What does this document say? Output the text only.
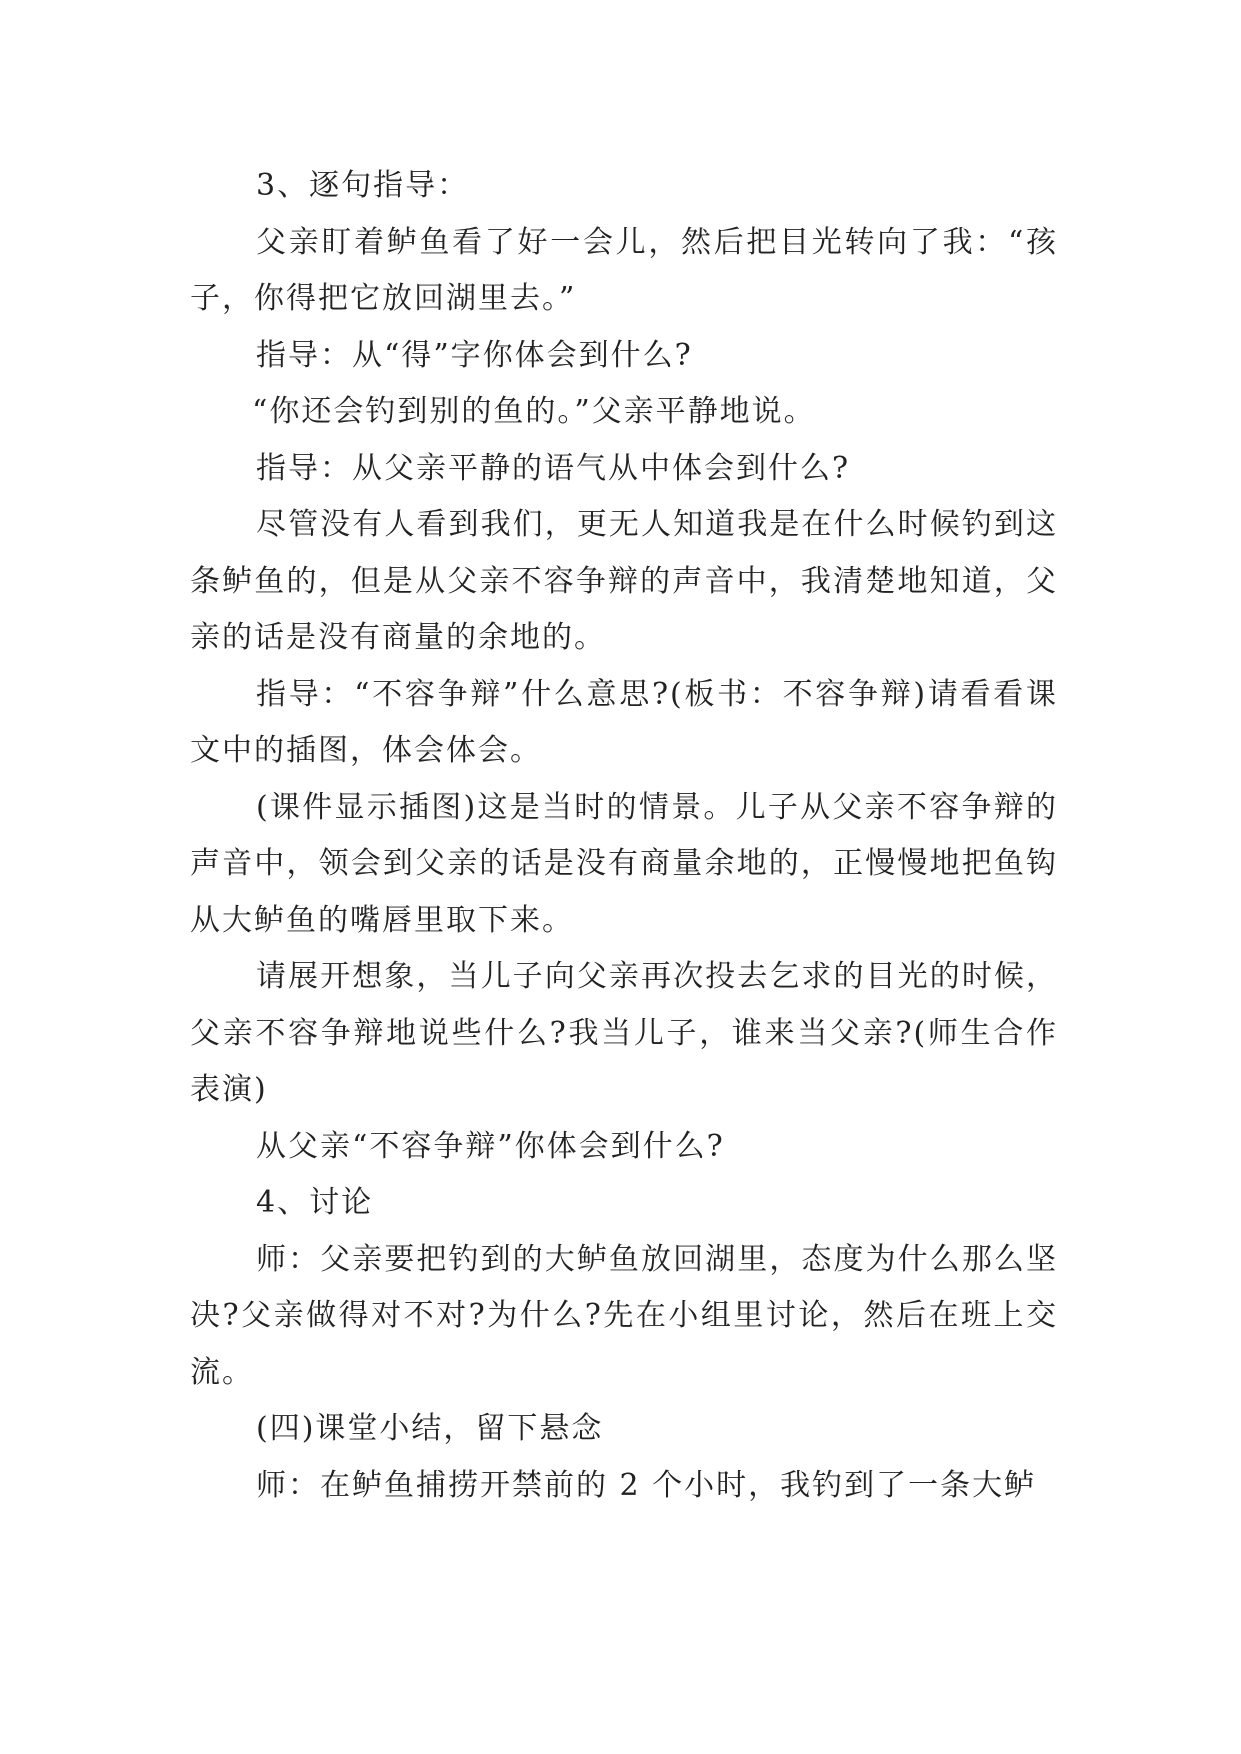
3、逐句指导：

父亲盯着鲈鱼看了好一会儿，然后把目光转向了我：“孩子，你得把它放回湖里去。”

指导：从“得”字你体会到什么?

“你还会钓到别的鱼的。”父亲平静地说。

指导：从父亲平静的语气从中体会到什么?

尽管没有人看到我们，更无人知道我是在什么时候钓到这条鲈鱼的，但是从父亲不容争辩的声音中，我清楚地知道，父亲的话是没有商量的余地的。

指导：“不容争辩”什么意思?(板书：不容争辩)请看看课文中的插图，体会体会。

(课件显示插图)这是当时的情景。儿子从父亲不容争辩的声音中，领会到父亲的话是没有商量余地的，正慢慢地把鱼钩从大鲈鱼的嘴唇里取下来。

请展开想象，当儿子向父亲再次投去乞求的目光的时候，父亲不容争辩地说些什么?我当儿子，谁来当父亲?(师生合作表演)

从父亲“不容争辩”你体会到什么?

4、讨论

师：父亲要把钓到的大鲈鱼放回湖里，态度为什么那么坚决?父亲做得对不对?为什么?先在小组里讨论，然后在班上交流。

(四)课堂小结，留下悬念

师：在鲈鱼捕捞开禁前的 2 个小时，我钓到了一条大鲈
